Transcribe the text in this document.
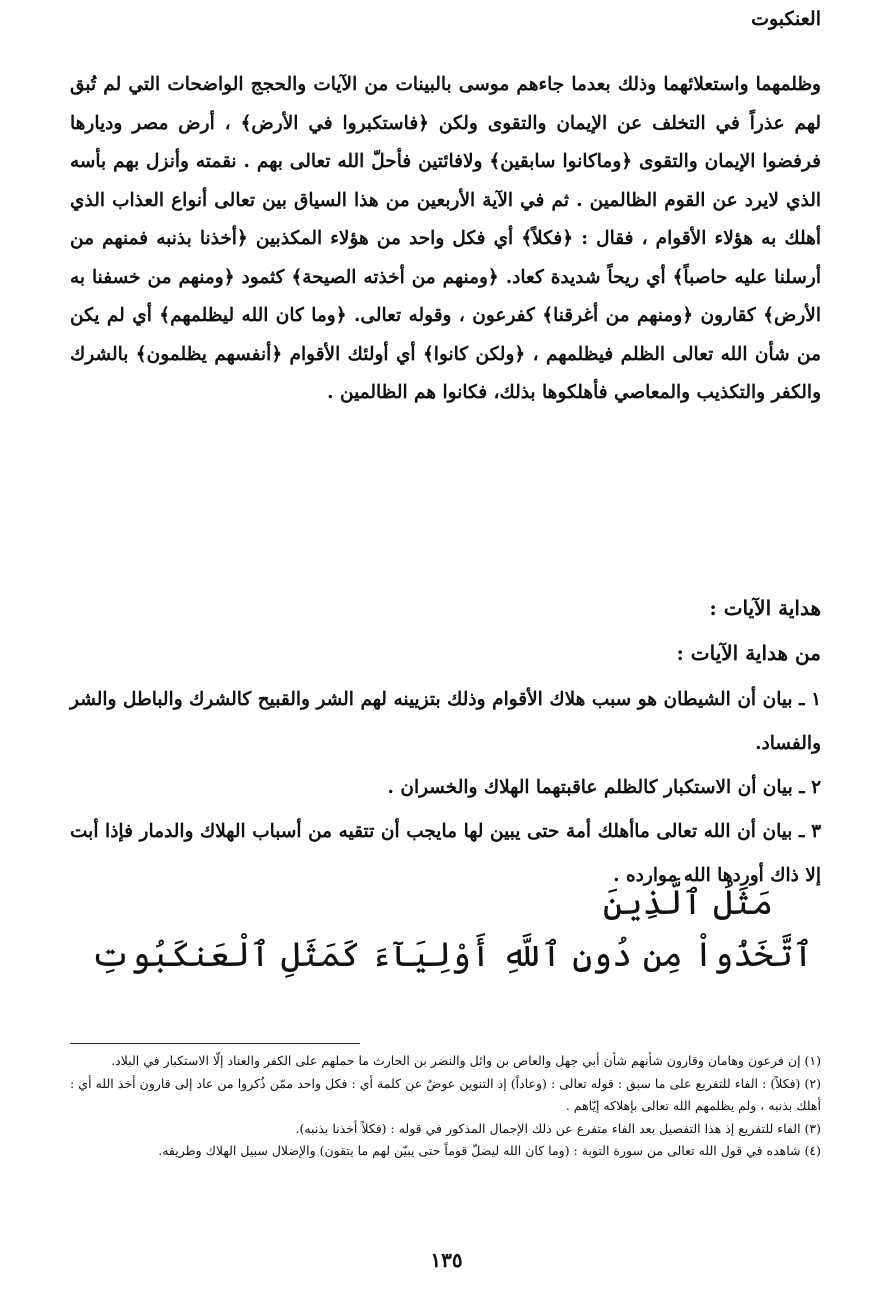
العنكبوت

وظلمهما واستعلائهما وذلك بعدما جاءهم موسى بالبينات من الآيات والحجج الواضحات التي لم تُبق لهم عذراً في التخلف عن الإيمان والتقوى ولكن ﴿فاستكبروا في الأرض﴾ ، أرض مصر وديارها فرفضوا الإيمان والتقوى ﴿وماكانوا سابقين﴾ ولافائتين فأحلّ الله تعالى بهم . نقمته وأنزل بهم بأسه الذي لايرد عن القوم الظالمين . ثم في الآية الأربعين من هذا السياق بين تعالى أنواع العذاب الذي أهلك به هؤلاء الأقوام ، فقال : ﴿فكلاً﴾ أي فكل واحد من هؤلاء المكذبين ﴿أخذنا بذنبه فمنهم من أرسلنا عليه حاصباً﴾ أي ريحاً شديدة كعاد. ﴿ومنهم من أخذته الصيحة﴾ كثمود ﴿ومنهم من خسفنا به الأرض﴾ كقارون ﴿ومنهم من أغرقنا﴾ كفرعون ، وقوله تعالى. ﴿وما كان الله ليظلمهم﴾ أي لم يكن من شأن الله تعالى الظلم فيظلمهم ، ﴿ولكن كانوا﴾ أي أولئك الأقوام ﴿أنفسهم يظلمون﴾ بالشرك والكفر والتكذيب والمعاصي فأهلكوها بذلك، فكانوا هم الظالمين .

هداية الآيات :
من هداية الآيات :

١ ـ بيان أن الشيطان هو سبب هلاك الأقوام وذلك بتزيينه لهم الشر والقبيح كالشرك والباطل والشر والفساد.

٢ ـ بيان أن الاستكبار كالظلم عاقبتهما الهلاك والخسران .

٣ ـ بيان أن الله تعالى ماأهلك أمة حتى يبين لها مايجب أن تتقيه من أسباب الهلاك والدمار فإذا أبت إلا ذاك أوردها الله موارده .

مَثَلُ ٱلَّذِينَ
ٱتَّخَذُواْ مِن دُونِ ٱللَّهِ أَوْلِيَآءَ كَمَثَلِ ٱلْعَنكَبُوتِ

(١) إن فرعون وهامان وقارون شأنهم شأن أبي جهل والعاص بن وائل والنضر بن الحارث ما حملهم على الكفر والعناد إلّا الاستكبار في البلاد.

(٢) (فكلاً) : الفاء للتفريع على ما سبق : قوله تعالى : (وعاداً) إذ التنوين عوضٌ عن كلمة أي : فكل واحد ممّن ذُكروا من عاد إلى قارون أخذ الله أي : أهلك بذنبه ، ولم يظلمهم الله تعالى بإهلاكه إيّاهم .

(٣) الفاء للتفريع إذ هذا التفصيل بعد الفاء متفرع عن ذلك الإجمال المذكور في قوله : (فكلاً أخذنا بذنبه).

(٤) شاهده في قول الله تعالى من سورة التوبة : (وما كان الله ليضلّ قوماً حتى يبيّن لهم ما يتقون) والإضلال سبيل الهلاك وطريقه.

١٣٥
